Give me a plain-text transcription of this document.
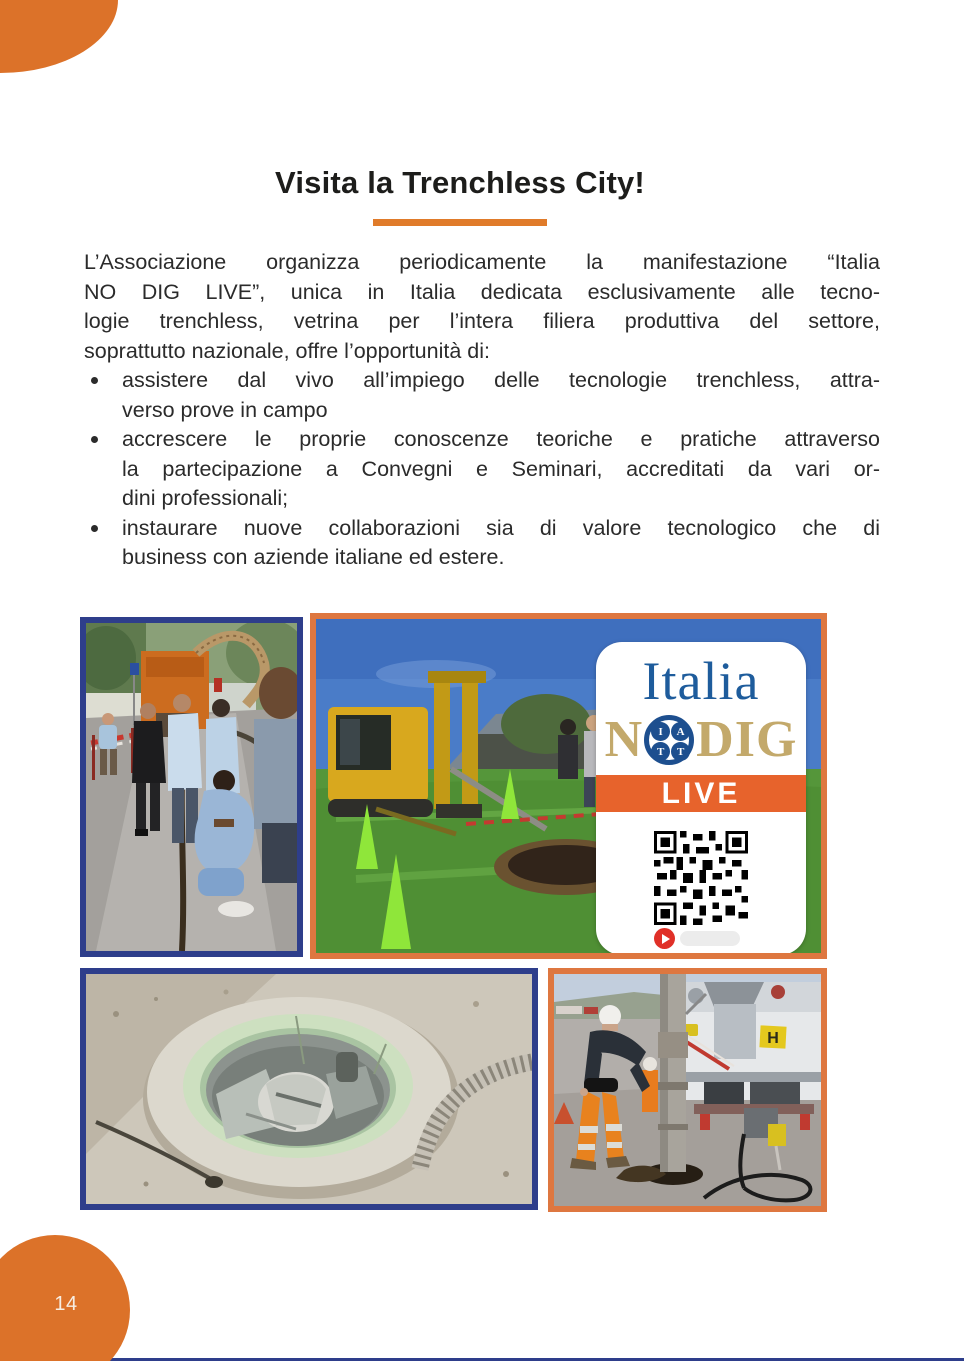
Visita la Trenchless City!
L’Associazione organizza periodicamente la manifestazione “Italia
NO DIG LIVE”, unica in Italia dedicata esclusivamente alle tecno-
logie trenchless, vetrina per l’intera filiera produttiva del settore,
soprattutto nazionale, offre l’opportunità di:
assistere dal vivo all’impiego delle tecnologie trenchless, attra-
verso prove in campo
accrescere le proprie conoscenze teoriche e pratiche attraverso
la partecipazione a Convegni e Seminari, accreditati da vari or-
dini professionali;
instaurare nuove collaborazioni sia di valore tecnologico che di
business con aziende italiane ed estere.
Italia
N	I	A
T	T DIG
LIVE
H
14
